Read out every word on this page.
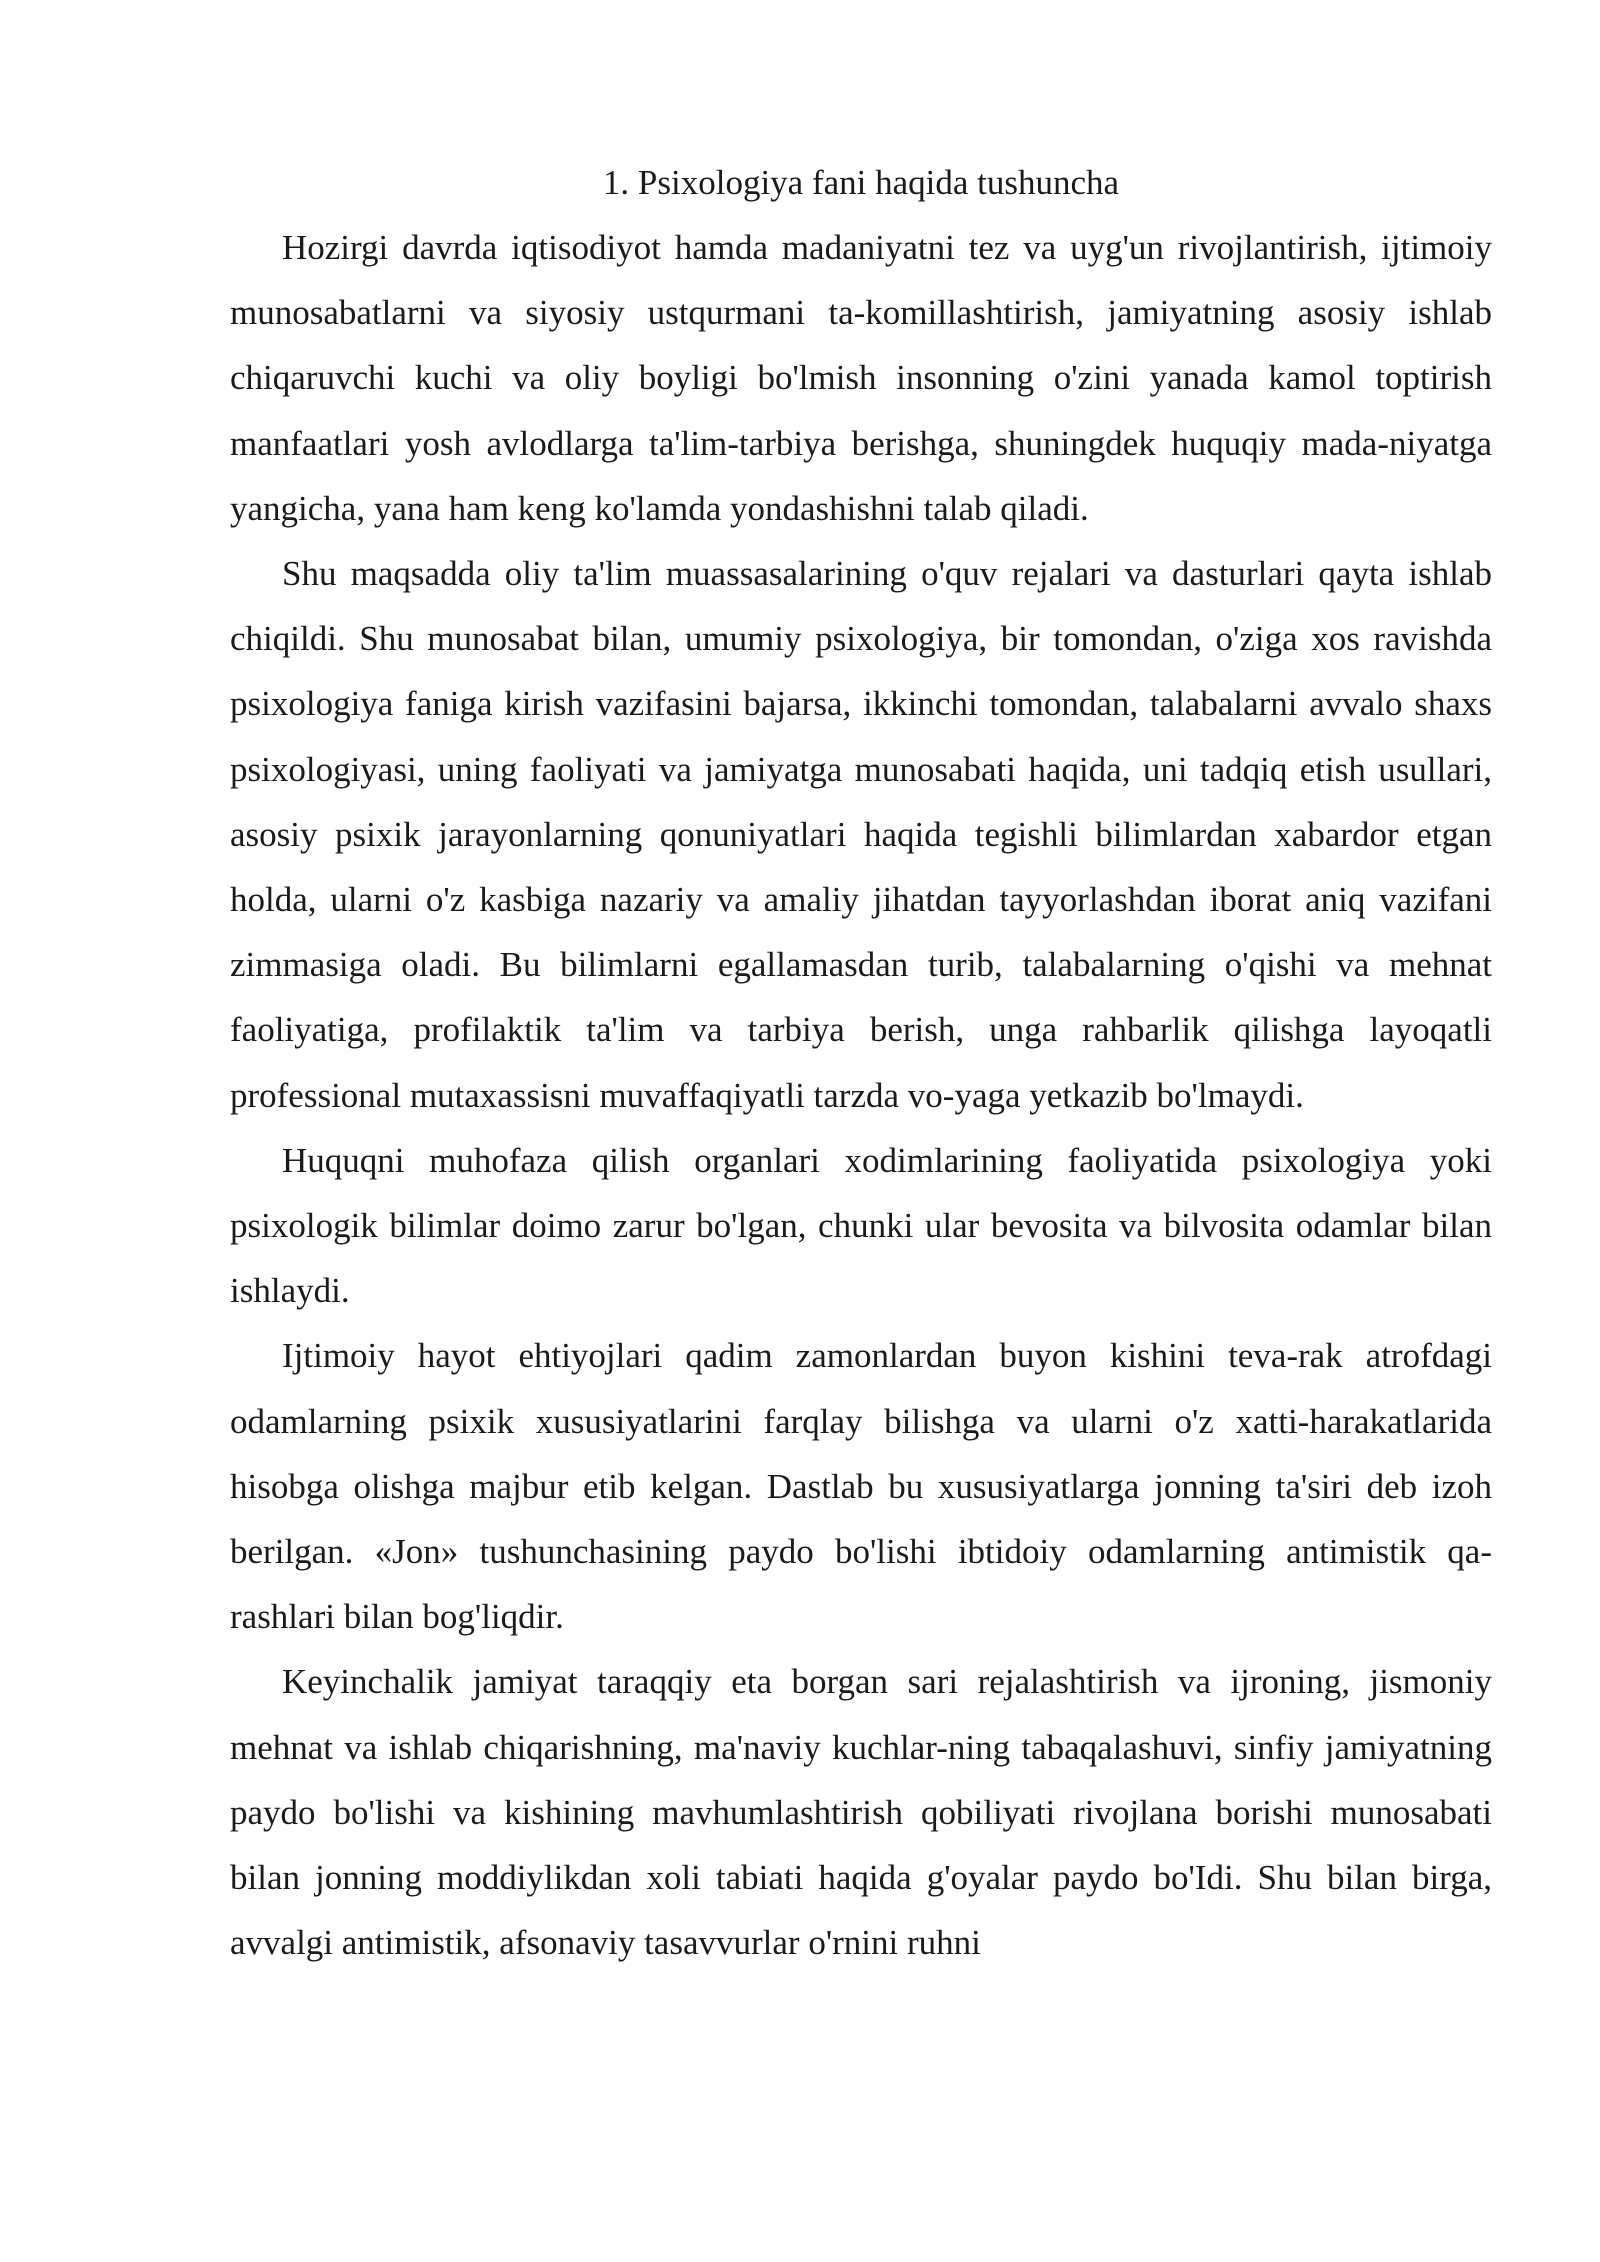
1. Psixologiya fani haqida tushuncha

Hozirgi davrda iqtisodiyot hamda madaniyatni tez va uyg'un rivojlantirish, ijtimoiy munosabatlarni va siyosiy ustqurmani ta-komillashtirish, jamiyatning asosiy ishlab chiqaruvchi kuchi va oliy boyligi bo'lmish insonning o'zini yanada kamol toptirish manfaatlari yosh avlodlarga ta'lim-tarbiya berishga, shuningdek huquqiy mada-niyatga yangicha, yana ham keng ko'lamda yondashishni talab qiladi.

Shu maqsadda oliy ta'lim muassasalarining o'quv rejalari va dasturlari qayta ishlab chiqildi. Shu munosabat bilan, umumiy psixologiya, bir tomondan, o'ziga xos ravishda psixologiya faniga kirish vazifasini bajarsa, ikkinchi tomondan, talabalarni avvalo shaxs psixologiyasi, uning faoliyati va jamiyatga munosabati haqida, uni tadqiq etish usullari, asosiy psixik jarayonlarning qonuniyatlari haqida tegishli bilimlardan xabardor etgan holda, ularni o'z kasbiga nazariy va amaliy jihatdan tayyorlashdan iborat aniq vazifani zimmasiga oladi. Bu bilimlarni egallamasdan turib, talabalarning o'qishi va mehnat faoliyatiga, profilaktik ta'lim va tarbiya berish, unga rahbarlik qilishga layoqatli professional mutaxassisni muvaffaqiyatli tarzda vo-yaga yetkazib bo'lmaydi.

Huquqni muhofaza qilish organlari xodimlarining faoliyatida psixologiya yoki psixologik bilimlar doimo zarur bo'lgan, chunki ular bevosita va bilvosita odamlar bilan ishlaydi.

Ijtimoiy hayot ehtiyojlari qadim zamonlardan buyon kishini teva-rak atrofdagi odamlarning psixik xususiyatlarini farqlay bilishga va ularni o'z xatti-harakatlarida hisobga olishga majbur etib kelgan. Dastlab bu xususiyatlarga jonning ta'siri deb izoh berilgan. «Jon» tushunchasining paydo bo'lishi ibtidoiy odamlarning antimistik qa-rashlari bilan bog'liqdir.

Keyinchalik jamiyat taraqqiy eta borgan sari rejalashtirish va ijroning, jismoniy mehnat va ishlab chiqarishning, ma'naviy kuchlar-ning tabaqalashuvi, sinfiy jamiyatning paydo bo'lishi va kishining mavhumlashtirish qobiliyati rivojlana borishi munosabati bilan jonning moddiylikdan xoli tabiati haqida g'oyalar paydo bo'Idi. Shu bilan birga, avvalgi antimistik, afsonaviy tasavvurlar o'rnini ruhni
